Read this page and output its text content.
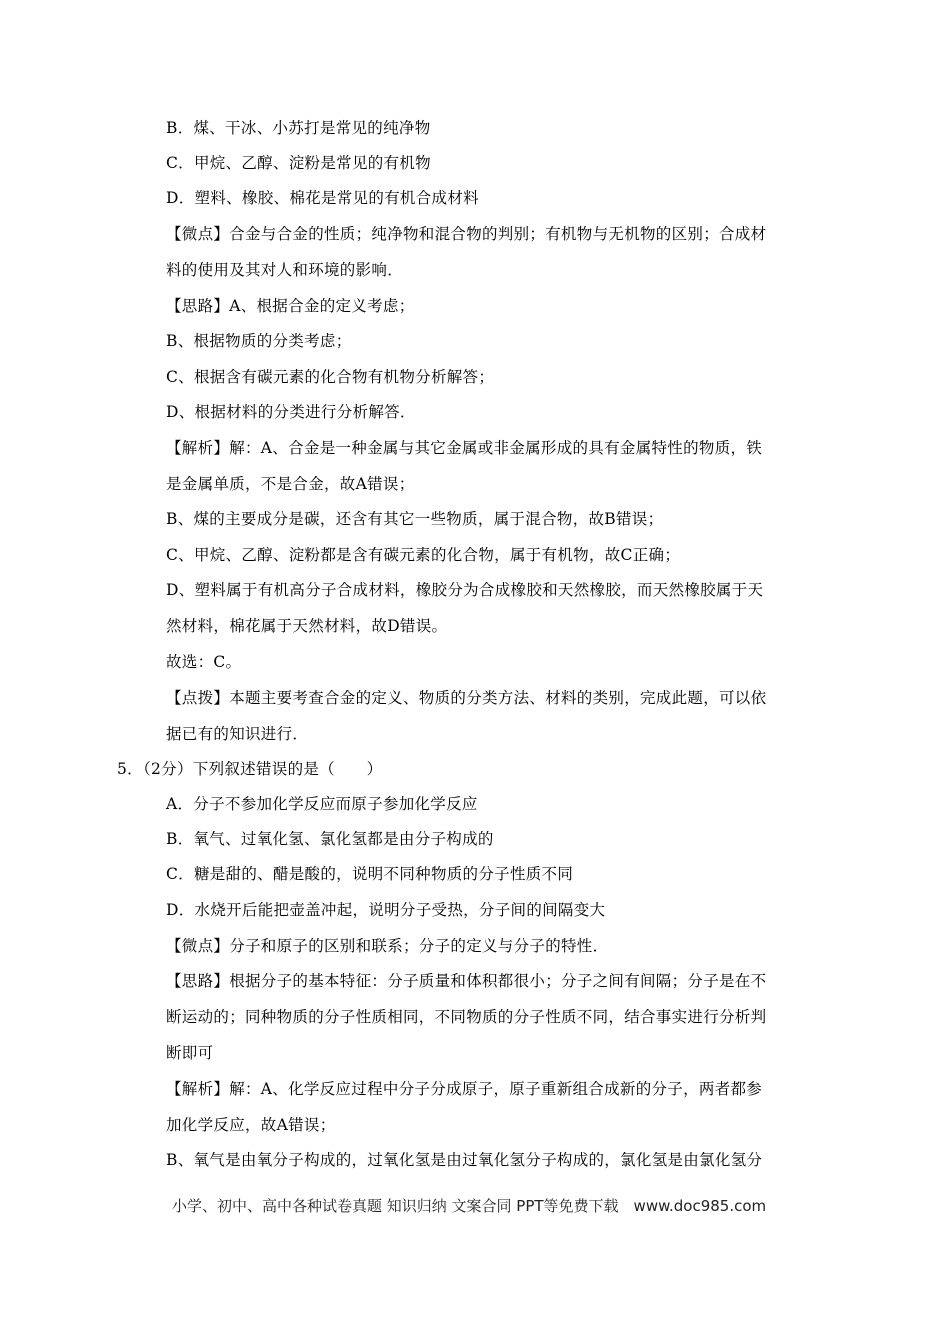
B．煤、干冰、小苏打是常见的纯净物
C．甲烷、乙醇、淀粉是常见的有机物
D．塑料、橡胶、棉花是常见的有机合成材料
【微点】合金与合金的性质；纯净物和混合物的判别；有机物与无机物的区别；合成材
料的使用及其对人和环境的影响．
【思路】A、根据合金的定义考虑；
B、根据物质的分类考虑；
C、根据含有碳元素的化合物有机物分析解答；
D、根据材料的分类进行分析解答．
【解析】解：A、合金是一种金属与其它金属或非金属形成的具有金属特性的物质，铁
是金属单质，不是合金，故A错误；
B、煤的主要成分是碳，还含有其它一些物质，属于混合物，故B错误；
C、甲烷、乙醇、淀粉都是含有碳元素的化合物，属于有机物，故C正确；
D、塑料属于有机高分子合成材料，橡胶分为合成橡胶和天然橡胶，而天然橡胶属于天
然材料，棉花属于天然材料，故D错误。
故选：C。
【点拨】本题主要考查合金的定义、物质的分类方法、材料的类别，完成此题，可以依
据已有的知识进行．
5．（2分）下列叙述错误的是（　　）
A．分子不参加化学反应而原子参加化学反应
B．氧气、过氧化氢、氯化氢都是由分子构成的
C．糖是甜的、醋是酸的，说明不同种物质的分子性质不同
D．水烧开后能把壶盖冲起，说明分子受热，分子间的间隔变大
【微点】分子和原子的区别和联系；分子的定义与分子的特性．
【思路】根据分子的基本特征：分子质量和体积都很小；分子之间有间隔；分子是在不
断运动的；同种物质的分子性质相同，不同物质的分子性质不同，结合事实进行分析判
断即可
【解析】解：A、化学反应过程中分子分成原子，原子重新组合成新的分子，两者都参
加化学反应，故A错误；
B、氧气是由氧分子构成的，过氧化氢是由过氧化氢分子构成的，氯化氢是由氯化氢分
小学、初中、高中各种试卷真题 知识归纳 文案合同 PPT等免费下载　www.doc985.com
